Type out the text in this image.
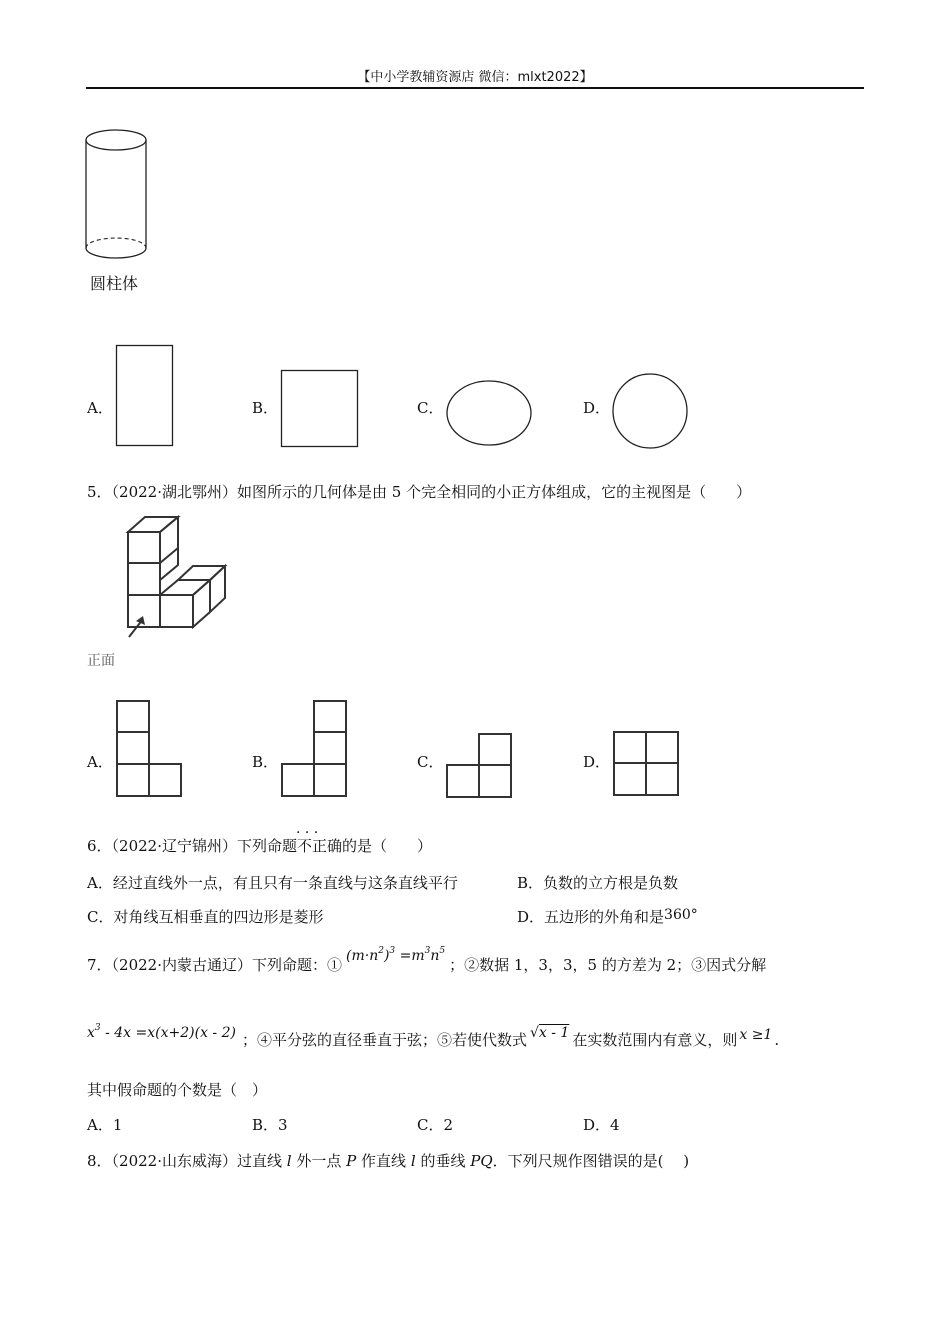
【中小学教辅资源店 微信：mlxt2022】
圆柱体
A．	B．	C．	D．
5．（2022·湖北鄂州）如图所示的几何体是由 5 个完全相同的小正方体组成，它的主视图是（　　）
正面
A．	B．	C．	D．
6．（2022·辽宁锦州）下列命题· · · 不正确的是（　　）
A．经过直线外一点，有且只有一条直线与这条直线平行	B．负数的立方根是负数
C．对角线互相垂直的四边形是菱形	D．五边形的外角和是360°
7．（2022·内蒙古通辽）下列命题：① $(m\cdot n^2)^3 =m^3n^5$；②数据 1，3，3，5 的方差为 2；③因式分解
$x^3 - 4x =x(x+2)(x - 2)$ ；④平分弦的直径垂直于弦；⑤若使代数式 √x - 1 在实数范围内有意义，则 x ≥1 .
其中假命题的个数是（　）
A．1	B．3	C．2	D．4
8．（2022·山东威海）过直线 l 外一点 P 作直线 l 的垂线 PQ．下列尺规作图错误的是(　 )
